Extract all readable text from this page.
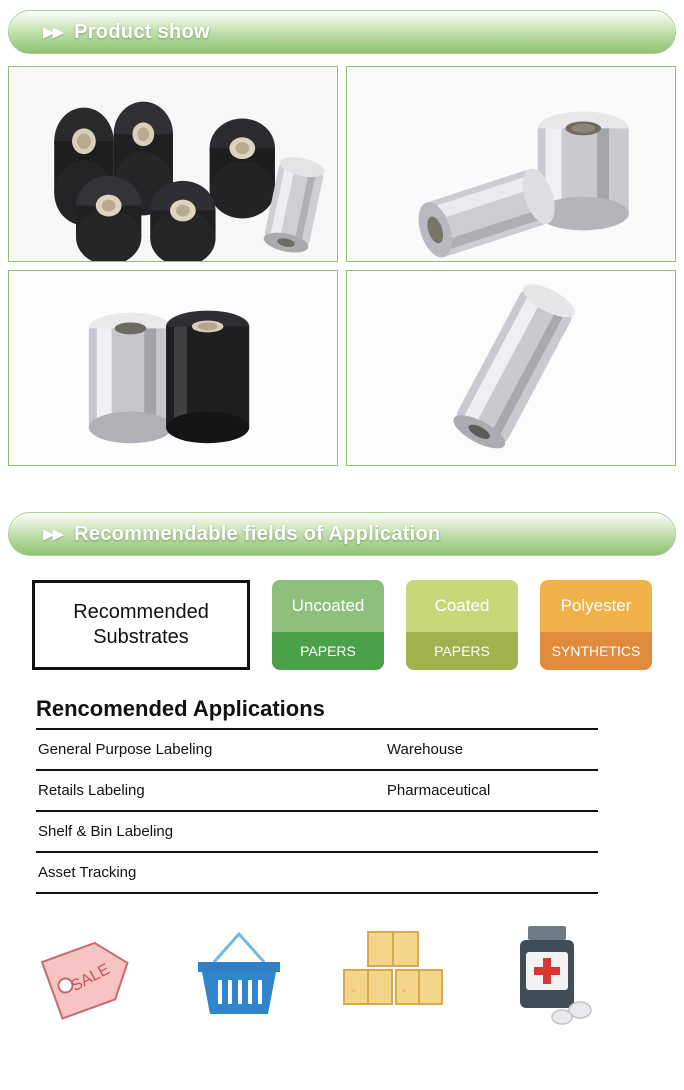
▶▶ Product show
▶▶ Recommendable fields of Application
Recommended
Substrates
Uncoated
PAPERS
Coated
PAPERS
Polyester
SYNTHETICS
Rencomended Applications
General Purpose Labeling	Warehouse
Retails Labeling	Pharmaceutical
Shelf & Bin Labeling	
Asset Tracking	
SALE	▫	▫
